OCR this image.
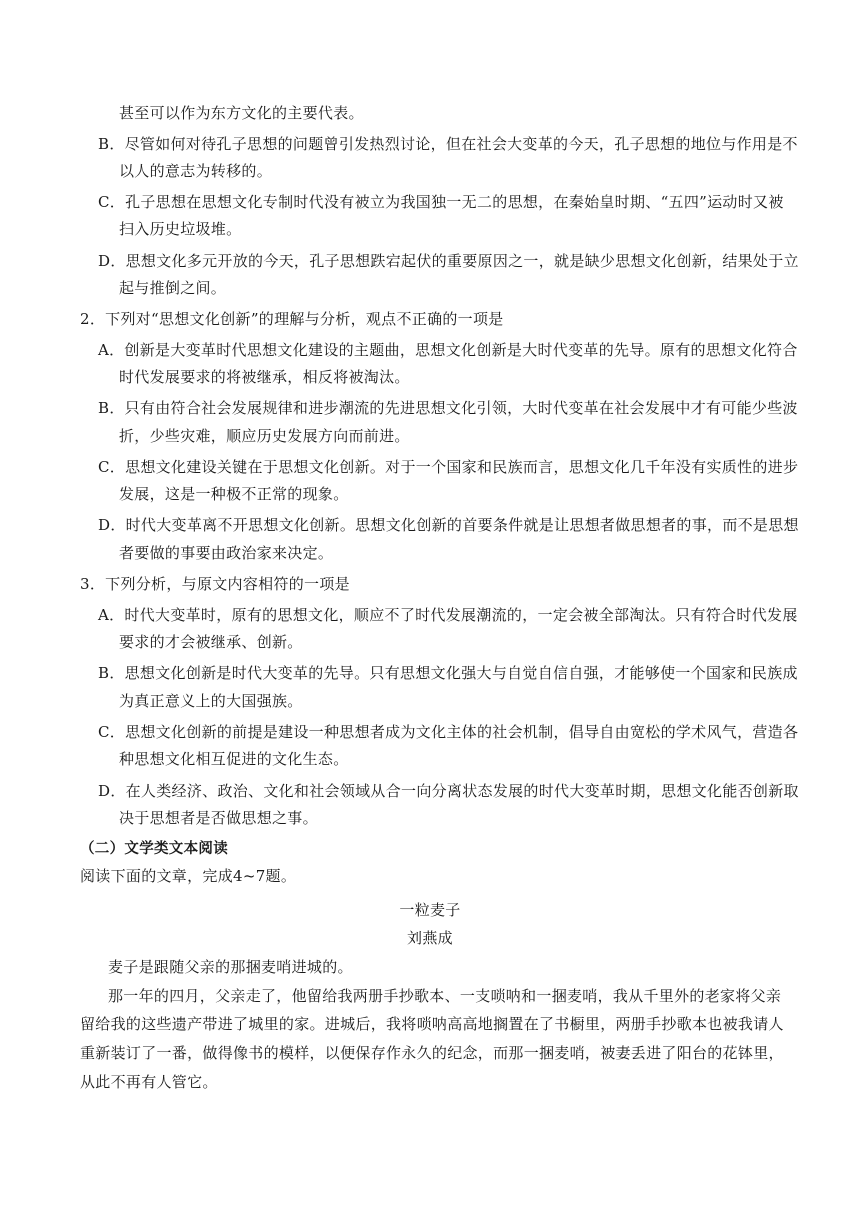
甚至可以作为东方文化的主要代表。
B．尽管如何对待孔子思想的问题曾引发热烈讨论，但在社会大变革的今天，孔子思想的地位与作用是不
以人的意志为转移的。
C．孔子思想在思想文化专制时代没有被立为我国独一无二的思想，在秦始皇时期、“五四”运动时又被
扫入历史垃圾堆。
D．思想文化多元开放的今天，孔子思想跌宕起伏的重要原因之一，就是缺少思想文化创新，结果处于立
起与推倒之间。
2．下列对“思想文化创新”的理解与分析，观点不正确的一项是
A．创新是大变革时代思想文化建设的主题曲，思想文化创新是大时代变革的先导。原有的思想文化符合
时代发展要求的将被继承，相反将被淘汰。
B．只有由符合社会发展规律和进步潮流的先进思想文化引领，大时代变革在社会发展中才有可能少些波
折，少些灾难，顺应历史发展方向而前进。
C．思想文化建设关键在于思想文化创新。对于一个国家和民族而言，思想文化几千年没有实质性的进步
发展，这是一种极不正常的现象。
D．时代大变革离不开思想文化创新。思想文化创新的首要条件就是让思想者做思想者的事，而不是思想
者要做的事要由政治家来决定。
3．下列分析，与原文内容相符的一项是
A．时代大变革时，原有的思想文化，顺应不了时代发展潮流的，一定会被全部淘汰。只有符合时代发展
要求的才会被继承、创新。
B．思想文化创新是时代大变革的先导。只有思想文化强大与自觉自信自强，才能够使一个国家和民族成
为真正意义上的大国强族。
C．思想文化创新的前提是建设一种思想者成为文化主体的社会机制，倡导自由宽松的学术风气，营造各
种思想文化相互促进的文化生态。
D．在人类经济、政治、文化和社会领域从合一向分离状态发展的时代大变革时期，思想文化能否创新取
决于思想者是否做思想之事。
（二）文学类文本阅读
阅读下面的文章，完成4~7题。
一粒麦子
刘燕成
麦子是跟随父亲的那捆麦哨进城的。
那一年的四月，父亲走了，他留给我两册手抄歌本、一支唢呐和一捆麦哨，我从千里外的老家将父亲
留给我的这些遗产带进了城里的家。进城后，我将唢呐高高地搁置在了书橱里，两册手抄歌本也被我请人
重新装订了一番，做得像书的模样，以便保存作永久的纪念，而那一捆麦哨，被妻丢进了阳台的花钵里，
从此不再有人管它。
